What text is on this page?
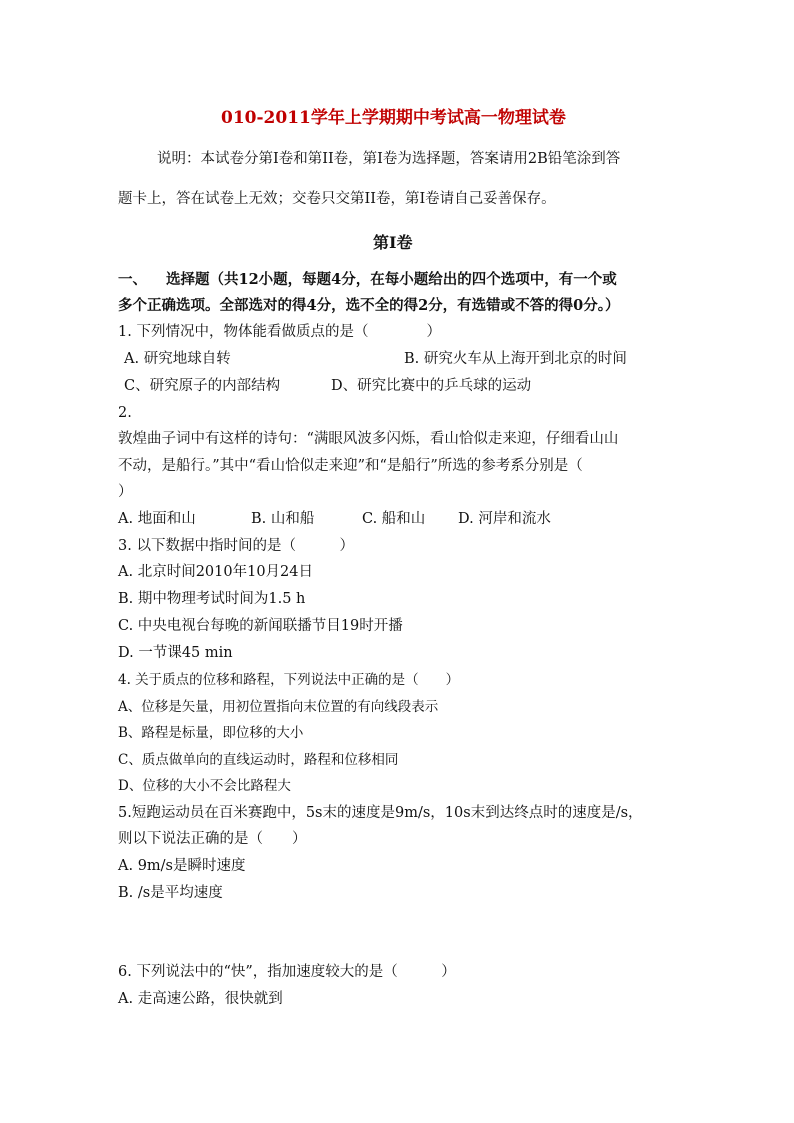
010-2011学年上学期期中考试高一物理试卷
说明：本试卷分第I卷和第II卷，第I卷为选择题，答案请用2B铅笔涂到答
题卡上，答在试卷上无效；交卷只交第II卷，第I卷请自己妥善保存。
第I卷
一、 选择题（共12小题，每题4分，在每小题给出的四个选项中，有一个或
多个正确选项。全部选对的得4分，选不全的得2分，有选错或不答的得0分。）
1. 下列情况中，物体能看做质点的是（　　　　）
A. 研究地球自转	B. 研究火车从上海开到北京的时间
C、研究原子的内部结构	D、研究比赛中的乒乓球的运动
2.
敦煌曲子词中有这样的诗句：“满眼风波多闪烁，看山恰似走来迎，仔细看山山
不动，是船行。”其中“看山恰似走来迎”和“是船行”所选的参考系分别是（
）
A. 地面和山	B. 山和船	C. 船和山 D. 河岸和流水
3. 以下数据中指时间的是（　　　）
A. 北京时间2010年10月24日
B. 期中物理考试时间为1.5 h
C. 中央电视台每晚的新闻联播节目19时开播
D. 一节课45 min
4. 关于质点的位移和路程，下列说法中正确的是（　　）
A、位移是矢量，用初位置指向末位置的有向线段表示
B、路程是标量，即位移的大小
C、质点做单向的直线运动时，路程和位移相同
D、位移的大小不会比路程大
5.短跑运动员在百米赛跑中，5s末的速度是9m/s，10s末到达终点时的速度是/s，
则以下说法正确的是（　　）
A. 9m/s是瞬时速度
B. /s是平均速度
6. 下列说法中的“快”，指加速度较大的是（　　　）
A. 走高速公路，很快就到
